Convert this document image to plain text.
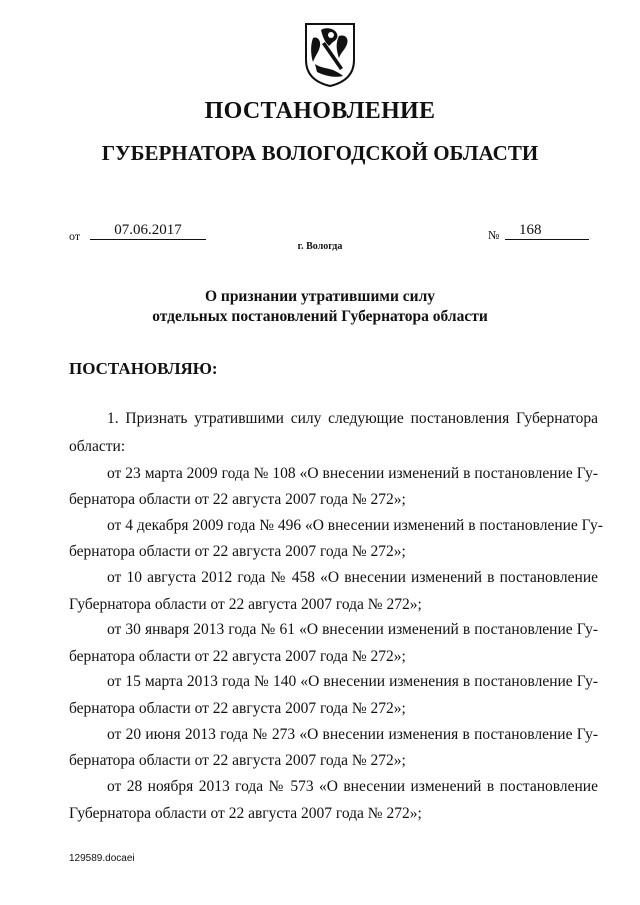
ПОСТАНОВЛЕНИЕ
ГУБЕРНАТОРА ВОЛОГОДСКОЙ ОБЛАСТИ
от	07.06.2017	№	168
г. Вологда
О признании утратившими силу
отдельных постановлений Губернатора области
ПОСТАНОВЛЯЮ:
1. Признать утратившими силу следующие постановления Губернатора
области:
от 23 марта 2009 года № 108 «О внесении изменений в постановление Гу-
бернатора области от 22 августа 2007 года № 272»;
от 4 декабря 2009 года № 496 «О внесении изменений в постановление Гу-
бернатора области от 22 августа 2007 года № 272»;
от 10 августа 2012 года № 458 «О внесении изменений в постановление
Губернатора области от 22 августа 2007 года № 272»;
от 30 января 2013 года № 61 «О внесении изменений в постановление Гу-
бернатора области от 22 августа 2007 года № 272»;
от 15 марта 2013 года № 140 «О внесении изменения в постановление Гу-
бернатора области от 22 августа 2007 года № 272»;
от 20 июня 2013 года № 273 «О внесении изменения в постановление Гу-
бернатора области от 22 августа 2007 года № 272»;
от 28 ноября 2013 года № 573 «О внесении изменений в постановление
Губернатора области от 22 августа 2007 года № 272»;
129589.docaei
